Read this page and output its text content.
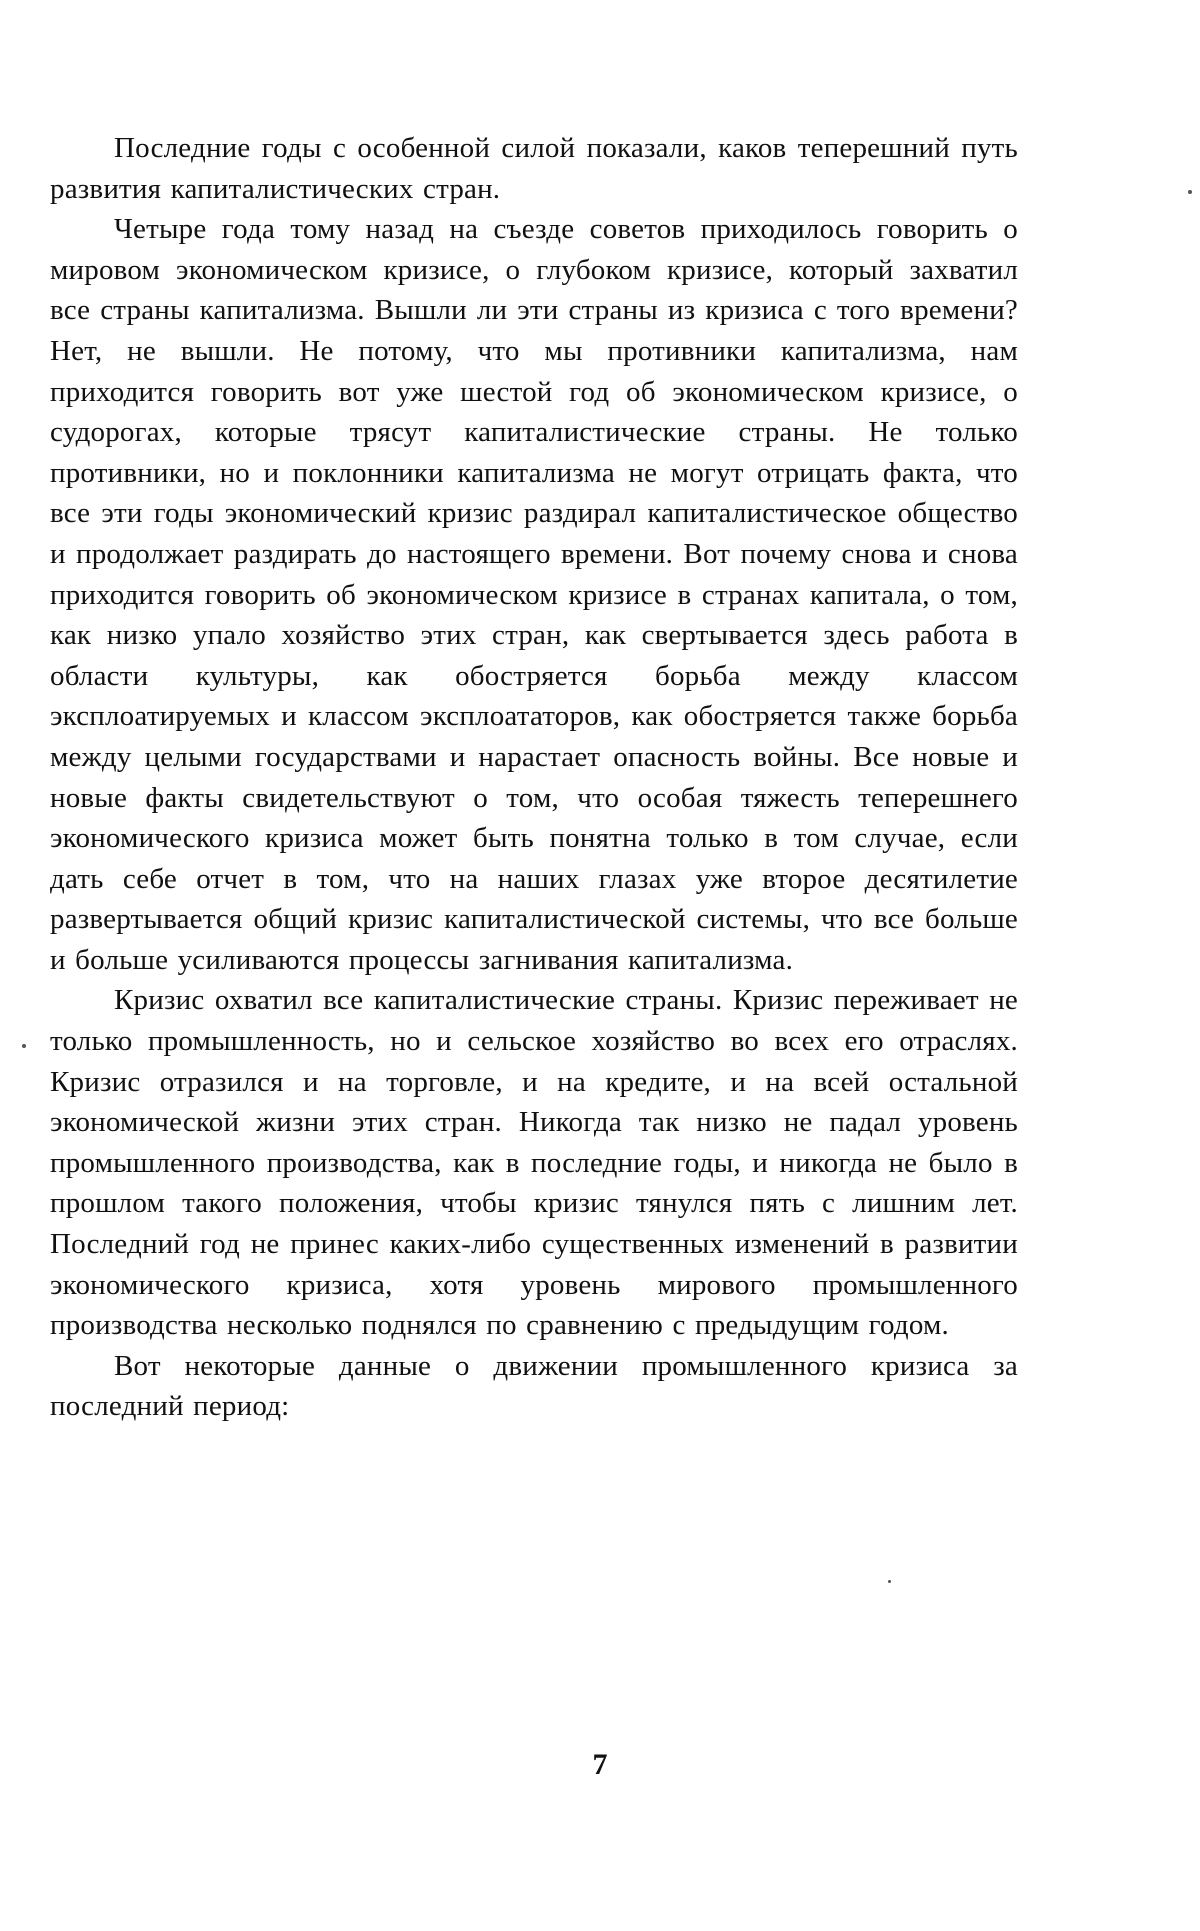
Последние годы с особенной силой показали, каков теперешний путь развития капиталистических стран.

Четыре года тому назад на съезде советов приходилось говорить о мировом экономическом кризисе, о глубоком кризисе, который захватил все страны капитализма. Вышли ли эти страны из кризиса с того времени? Нет, не вышли. Не потому, что мы противники капитализма, нам приходится говорить вот уже шестой год об экономическом кризисе, о судорогах, которые трясут капиталистические страны. Не только противники, но и поклонники капитализма не могут отрицать факта, что все эти годы экономический кризис раздирал капиталистическое общество и продолжает раздирать до настоящего времени. Вот почему снова и снова приходится говорить об экономическом кризисе в странах капитала, о том, как низко упало хозяйство этих стран, как свертывается здесь работа в области культуры, как обостряется борьба между классом эксплоатируемых и классом эксплоататоров, как обостряется также борьба между целыми государствами и нарастает опасность войны. Все новые и новые факты свидетельствуют о том, что особая тяжесть теперешнего экономического кризиса может быть понятна только в том случае, если дать себе отчет в том, что на наших глазах уже второе десятилетие развертывается общий кризис капиталистической системы, что все больше и больше усиливаются процессы загнивания капитализма.

Кризис охватил все капиталистические страны. Кризис переживает не только промышленность, но и сельское хозяйство во всех его отраслях. Кризис отразился и на торговле, и на кредите, и на всей остальной экономической жизни этих стран. Никогда так низко не падал уровень промышленного производства, как в последние годы, и никогда не было в прошлом такого положения, чтобы кризис тянулся пять с лишним лет. Последний год не принес каких-либо существенных изменений в развитии экономического кризиса, хотя уровень мирового промышленного производства несколько поднялся по сравнению с предыдущим годом.

Вот некоторые данные о движении промышленного кризиса за последний период:

7
